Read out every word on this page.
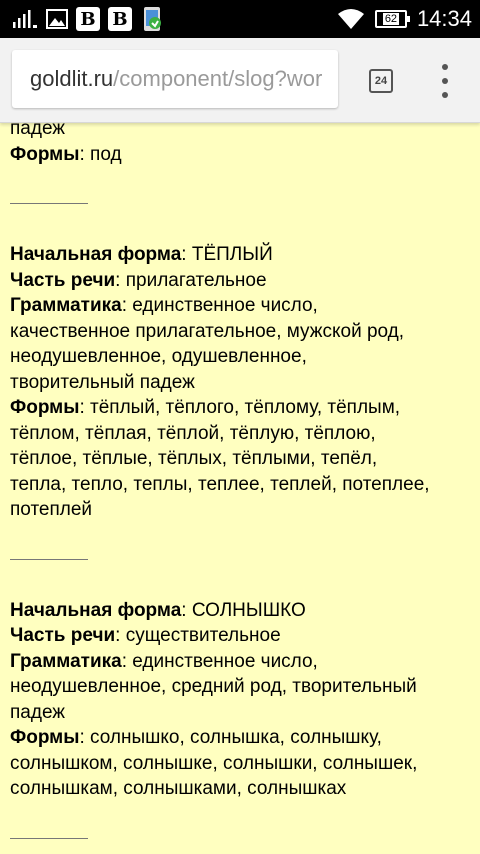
B B	62 14:34
goldlit.ru/component/slog?wor	24
падеж
Формы: под
Начальная форма: ТЁПЛЫЙ
Часть речи: прилагательное
Грамматика: единственное число,
качественное прилагательное, мужской род,
неодушевленное, одушевленное,
творительный падеж
Формы: тёплый, тёплого, тёплому, тёплым,
тёплом, тёплая, тёплой, тёплую, тёплою,
тёплое, тёплые, тёплых, тёплыми, тепёл,
тепла, тепло, теплы, теплее, теплей, потеплее,
потеплей
Начальная форма: СОЛНЫШКО
Часть речи: существительное
Грамматика: единственное число,
неодушевленное, средний род, творительный
падеж
Формы: солнышко, солнышка, солнышку,
солнышком, солнышке, солнышки, солнышек,
солнышкам, солнышками, солнышках
